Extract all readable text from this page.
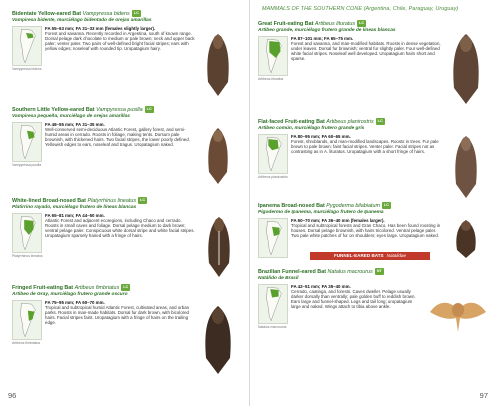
Bidentate Yellow-eared Bat Vampyressa bidens LC
Vampiresa bidente, murciélago bidentado de orejas amarillas
Vampyressa bidens
FA 55–63 mm; FA 31–33 mm (females slightly larger).

Forest and savanna. Recently recorded in Argentina, south of known range. Dorsal pelage dark chocolate to medium or pale brown; neck and upper back paler; venter paler. Two pairs of well-defined bright facial stripes; ears with yellow edges; noseleaf with rounded tip. Uropatagium hairy.

Southern Little Yellow-eared Bat Vampyressa pusilla LC
Vampiresa pequeña, murciélago de orejas amarillas
Vampyressa pusilla
FA 48–55 mm; FA 31–35 mm.

Well-conserved semi-deciduous Atlantic Forest, gallery forest, and semi-humid areas in cerrado. Roosts in foliage, making tents. Dorsum pale brownish, with thickened hairs. Two facial stripes, the lower poorly defined. Yellowish edges to ears, noseleaf and tragus. Uropatagium naked.

White-lined Broad-nosed Bat Platyrrhinus lineatus LC
Platirrino rayado, murciélago frutero de líneas blancas
Platyrrhinus lineatus
FA 65–81 mm; FA 44–50 mm.

Atlantic Forest and adjacent ecoregions, including Chaco and cerrado. Roosts in small caves and foliage. Dorsal pelage medium to dark brown; ventral pelage paler. Conspicuous white dorsal stripe and white facial stripes. Uropatagium sparsely haired with a fringe of hairs.

Fringed Fruit-eating Bat Artibeus fimbriatus LC
Artibeo de Gray, murciélago frutero grande oscuro
Artibeus fimbriatus
FA 75–95 mm; FA 60–70 mm.

Tropical and subtropical humid Atlantic Forest, cultivated areas, and urban parks. Roosts in man-made habitats. Dorsal fur dark brown, with bicolored hairs. Facial stripes faint. Uropatagium with a fringe of hairs on the trailing edge.

96
Great Fruit-eating Bat Artibeus lituratus LC
Artibeo grande, murciélago frutero grande de líneas blancas
Artibeus lituratus
FA 87–101 mm; FA 65–75 mm.

Forest and savanna, and man-modified habitats. Roosts in dense vegetation, under leaves. Dorsal fur brownish; ventral fur slightly paler. Four well-defined white facial stripes. Noseleaf well developed. Uropatagium hairs short and sparse.

Flat-faced Fruit-eating Bat Artibeus planirostris LC
Artibeo común, murciélago frutero grande gris
Artibeus planirostris
FA 80–95 mm; FA 60–65 mm.

Forest, shrublands, and man-modified landscapes. Roosts in trees. Fur pale brown to pale brown; faint facial stripes. Venter paler. Facial stripes not as contrasting as in A. lituratus. Uropatagium with a short fringe of hairs.

Ipanema Broad-nosed Bat Pygoderma bilabiatum LC
Pigodermo de Ipanema, murciélago frutero de Ipanema
FA 60–70 mm; FA 36–40 mm (females larger).

Tropical and subtropical forests and Gran Chaco. Has been found roosting in houses. Dorsal pelage brownish, with hairs tricolored. Ventral pelage paler. Two pale white patches of fur on shoulders; eyes large. Uropatagium naked.

Brazilian Funnel-eared Bat Natalus macrourus NT
Natálido de Brasil
Natalus macrourus
FA 42–51 mm; FA 35–40 mm.

Cerrado, caatinga, and forests. Caves dweller. Pelage usually darker dorsally than ventrally; pale golden buff to reddish brown. Ears large and funnel-shaped. Legs and tail long; uropatagium large and naked. Wings attach to tibia above ankle.

97
MAMMALS OF THE SOUTHERN CONE (Argentina, Chile, Paraguay, Uruguay)
FUNNEL-EARED BATS Natalidae
